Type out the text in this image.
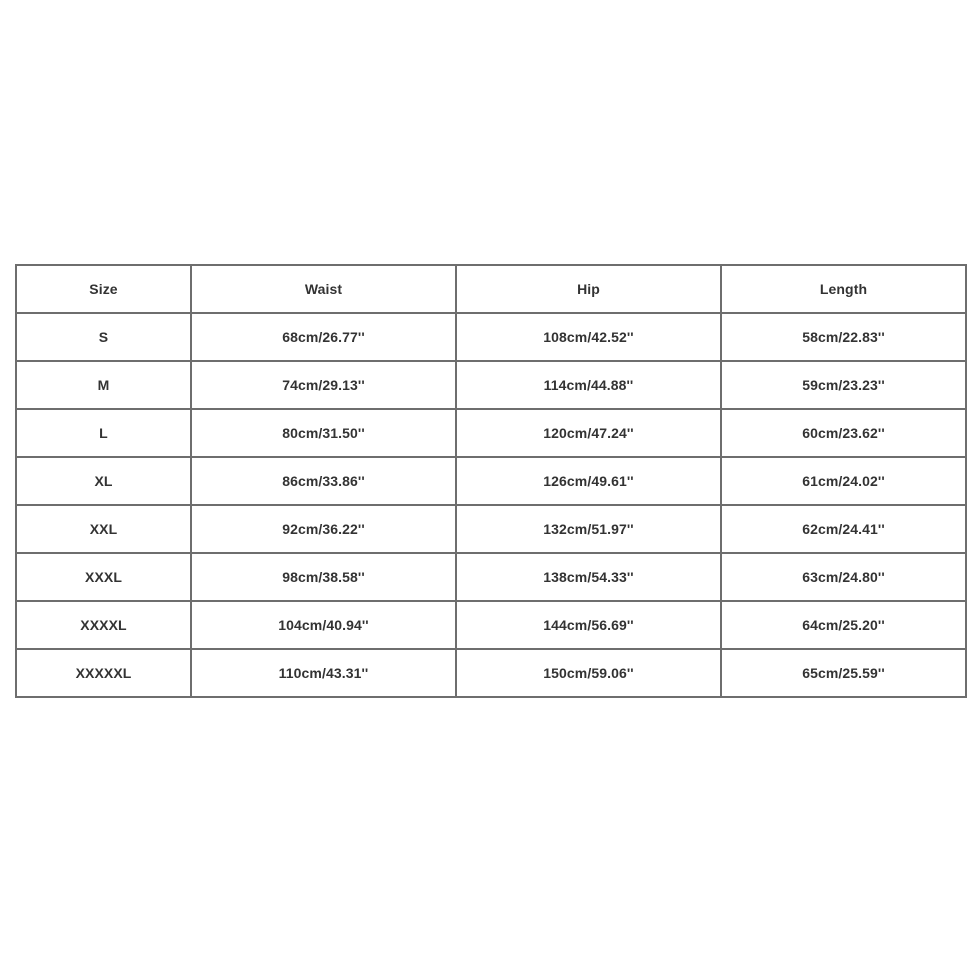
Size	Waist	Hip	Length
S	68cm/26.77''	108cm/42.52''	58cm/22.83''
M	74cm/29.13''	114cm/44.88''	59cm/23.23''
L	80cm/31.50''	120cm/47.24''	60cm/23.62''
XL	86cm/33.86''	126cm/49.61''	61cm/24.02''
XXL	92cm/36.22''	132cm/51.97''	62cm/24.41''
XXXL	98cm/38.58''	138cm/54.33''	63cm/24.80''
XXXXL	104cm/40.94''	144cm/56.69''	64cm/25.20''
XXXXXL	110cm/43.31''	150cm/59.06''	65cm/25.59''
